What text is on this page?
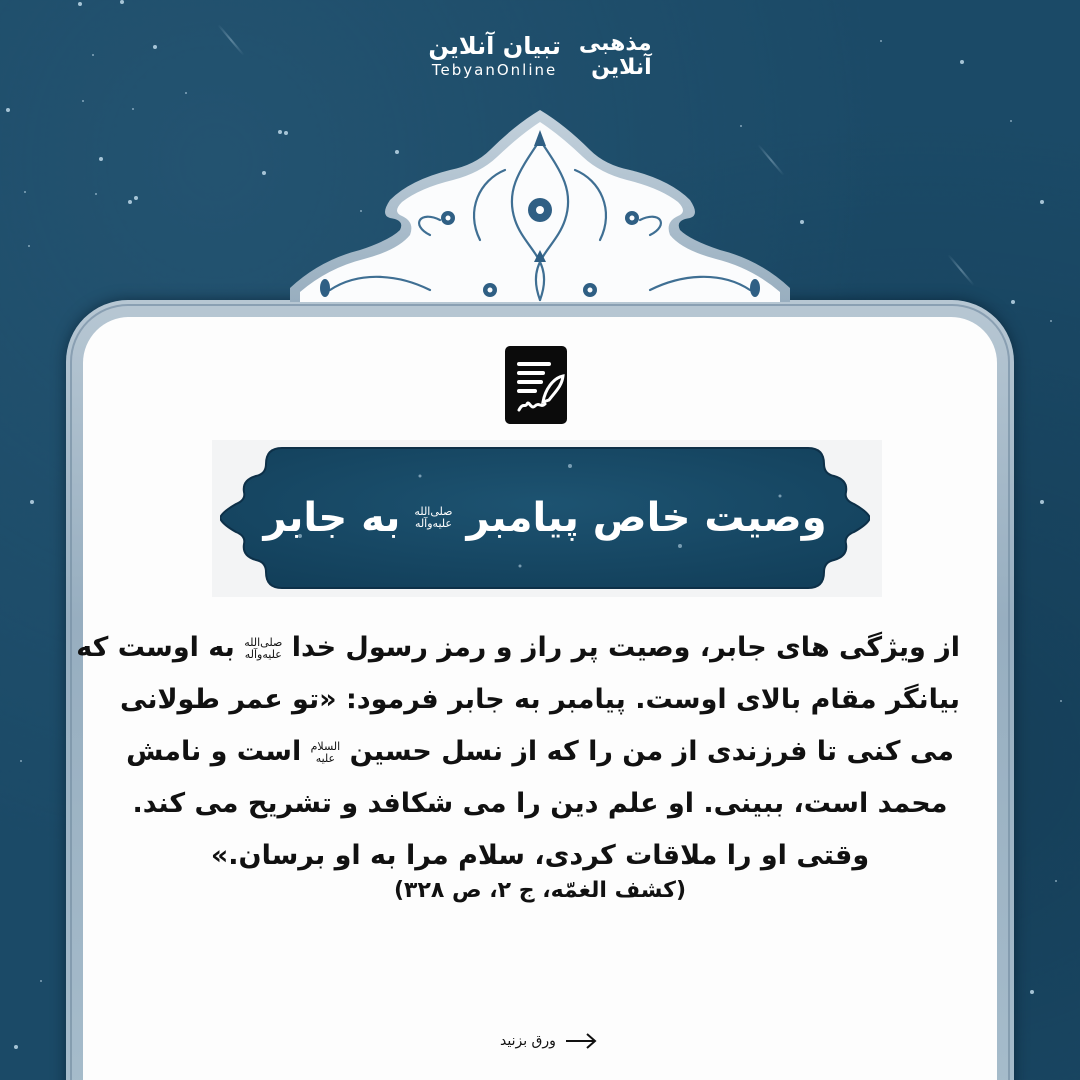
تبیان آنلاین
TebyanOnline
مذهبی
آنلاین
وصیت خاص پیامبر
صلی‌الله
علیه‌وآله
به جابر
از ویژگی های جابر، وصیت پر راز و رمز رسول خدا صلی‌الله
علیه‌وآله به اوست که
بیانگر مقام بالای اوست. پیامبر به جابر فرمود: «تو عمر طولانی
می کنی تا فرزندی از من را که از نسل حسین السلام
علیه است و نامش
محمد است، ببینی. او علم دین را می شکافد و تشریح می کند.
وقتی او را ملاقات کردی، سلام مرا به او برسان.»
(کشف الغمّه، ج ۲، ص ۳۲۸)
ورق بزنید
